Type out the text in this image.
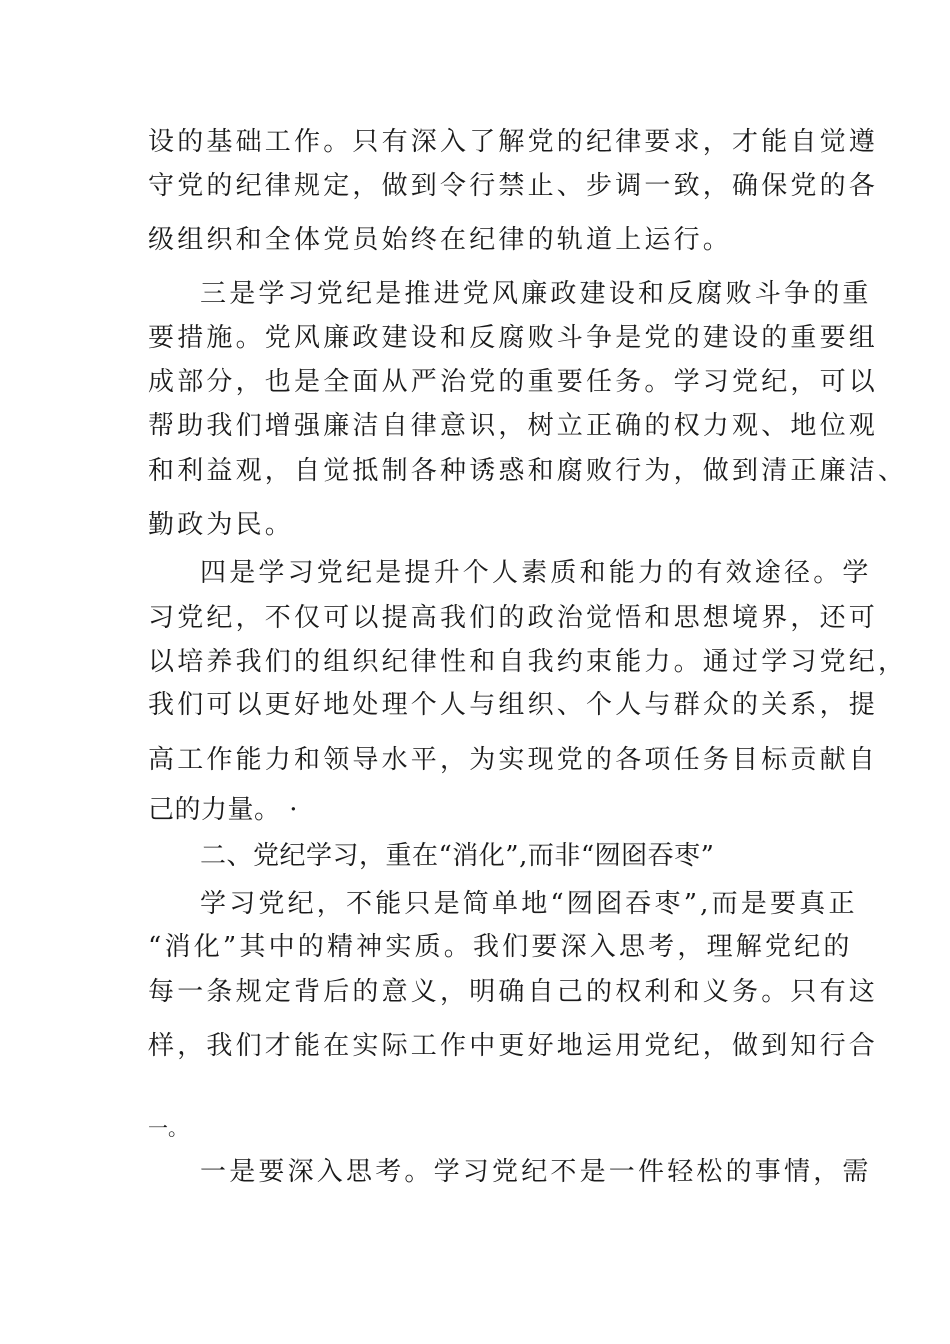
设的基础工作。只有深入了解党的纪律要求，才能自觉遵
守党的纪律规定，做到令行禁止、步调一致，确保党的各
级组织和全体党员始终在纪律的轨道上运行。
三是学习党纪是推进党风廉政建设和反腐败斗争的重
要措施。党风廉政建设和反腐败斗争是党的建设的重要组
成部分，也是全面从严治党的重要任务。学习党纪，可以
帮助我们增强廉洁自律意识，树立正确的权力观、地位观
和利益观，自觉抵制各种诱惑和腐败行为，做到清正廉洁、
勤政为民。
四是学习党纪是提升个人素质和能力的有效途径。学
习党纪，不仅可以提高我们的政治觉悟和思想境界，还可
以培养我们的组织纪律性和自我约束能力。通过学习党纪，
我们可以更好地处理个人与组织、个人与群众的关系，提
高工作能力和领导水平，为实现党的各项任务目标贡献自
己的力量。 ·
二、党纪学习，重在“消化”,而非“囫囵吞枣”
学习党纪，不能只是简单地“囫囵吞枣”,而是要真正
“消化”其中的精神实质。我们要深入思考，理解党纪的
每一条规定背后的意义，明确自己的权利和义务。只有这
样，我们才能在实际工作中更好地运用党纪，做到知行合
一。
一是要深入思考。学习党纪不是一件轻松的事情，需
